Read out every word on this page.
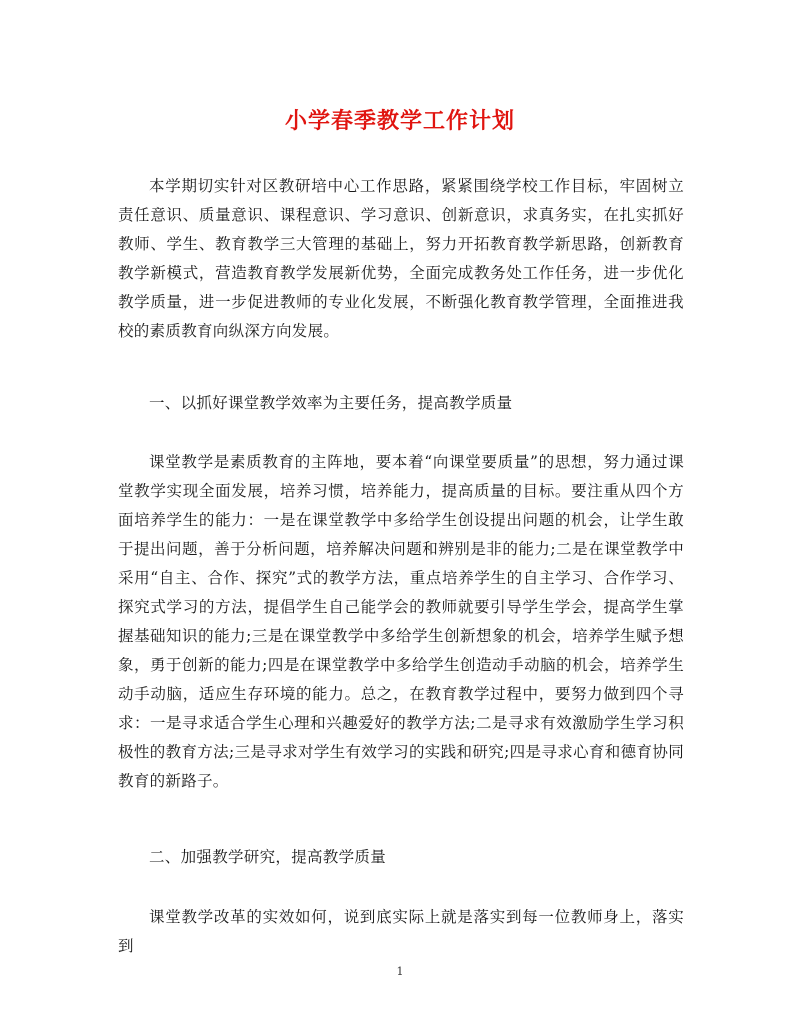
小学春季教学工作计划

本学期切实针对区教研培中心工作思路，紧紧围绕学校工作目标，牢固树立责任意识、质量意识、课程意识、学习意识、创新意识，求真务实，在扎实抓好教师、学生、教育教学三大管理的基础上，努力开拓教育教学新思路，创新教育教学新模式，营造教育教学发展新优势，全面完成教务处工作任务，进一步优化教学质量，进一步促进教师的专业化发展，不断强化教育教学管理，全面推进我校的素质教育向纵深方向发展。

一、以抓好课堂教学效率为主要任务，提高教学质量

课堂教学是素质教育的主阵地，要本着“向课堂要质量”的思想，努力通过课堂教学实现全面发展，培养习惯，培养能力，提高质量的目标。要注重从四个方面培养学生的能力：一是在课堂教学中多给学生创设提出问题的机会，让学生敢于提出问题，善于分析问题，培养解决问题和辨别是非的能力;二是在课堂教学中采用“自主、合作、探究”式的教学方法，重点培养学生的自主学习、合作学习、探究式学习的方法，提倡学生自己能学会的教师就要引导学生学会，提高学生掌握基础知识的能力;三是在课堂教学中多给学生创新想象的机会，培养学生赋予想象，勇于创新的能力;四是在课堂教学中多给学生创造动手动脑的机会，培养学生动手动脑，适应生存环境的能力。总之，在教育教学过程中，要努力做到四个寻求：一是寻求适合学生心理和兴趣爱好的教学方法;二是寻求有效激励学生学习积极性的教育方法;三是寻求对学生有效学习的实践和研究;四是寻求心育和德育协同教育的新路子。

二、加强教学研究，提高教学质量

课堂教学改革的实效如何，说到底实际上就是落实到每一位教师身上，落实到

1
